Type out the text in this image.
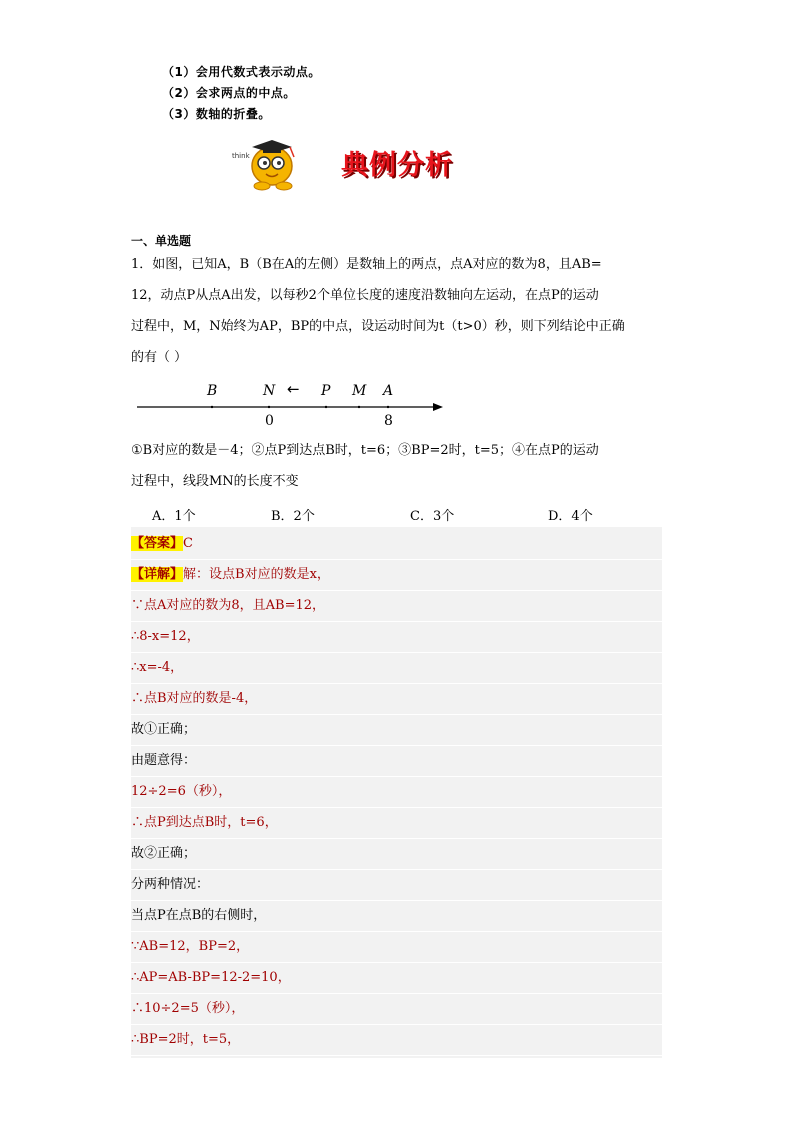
（1）会用代数式表示动点。
（2）会求两点的中点。
（3）数轴的折叠。
think	典例分析
一、单选题
1．如图，已知A，B（B在A的左侧）是数轴上的两点，点A对应的数为8，且AB=
12，动点P从点A出发，以每秒2个单位长度的速度沿数轴向左运动，在点P的运动
过程中，M，N始终为AP，BP的中点，设运动时间为t（t>0）秒，则下列结论中正确
的有（ ）
B	N ← P M A
0	8
①B对应的数是－4；②点P到达点B时，t=6；③BP=2时，t=5；④在点P的运动
过程中，线段MN的长度不变
A．1个	B．2个	C．3个	D．4个
【答案】C
【详解】解：设点B对应的数是x，
∵点A对应的数为8，且AB=12，
∴8-x=12，
∴x=-4，
∴点B对应的数是-4，
故①正确；
由题意得：
12÷2=6（秒），
∴点P到达点B时，t=6，
故②正确；
分两种情况：
当点P在点B的右侧时，
∵AB=12，BP=2，
∴AP=AB-BP=12-2=10，
∴10÷2=5（秒），
∴BP=2时，t=5，
